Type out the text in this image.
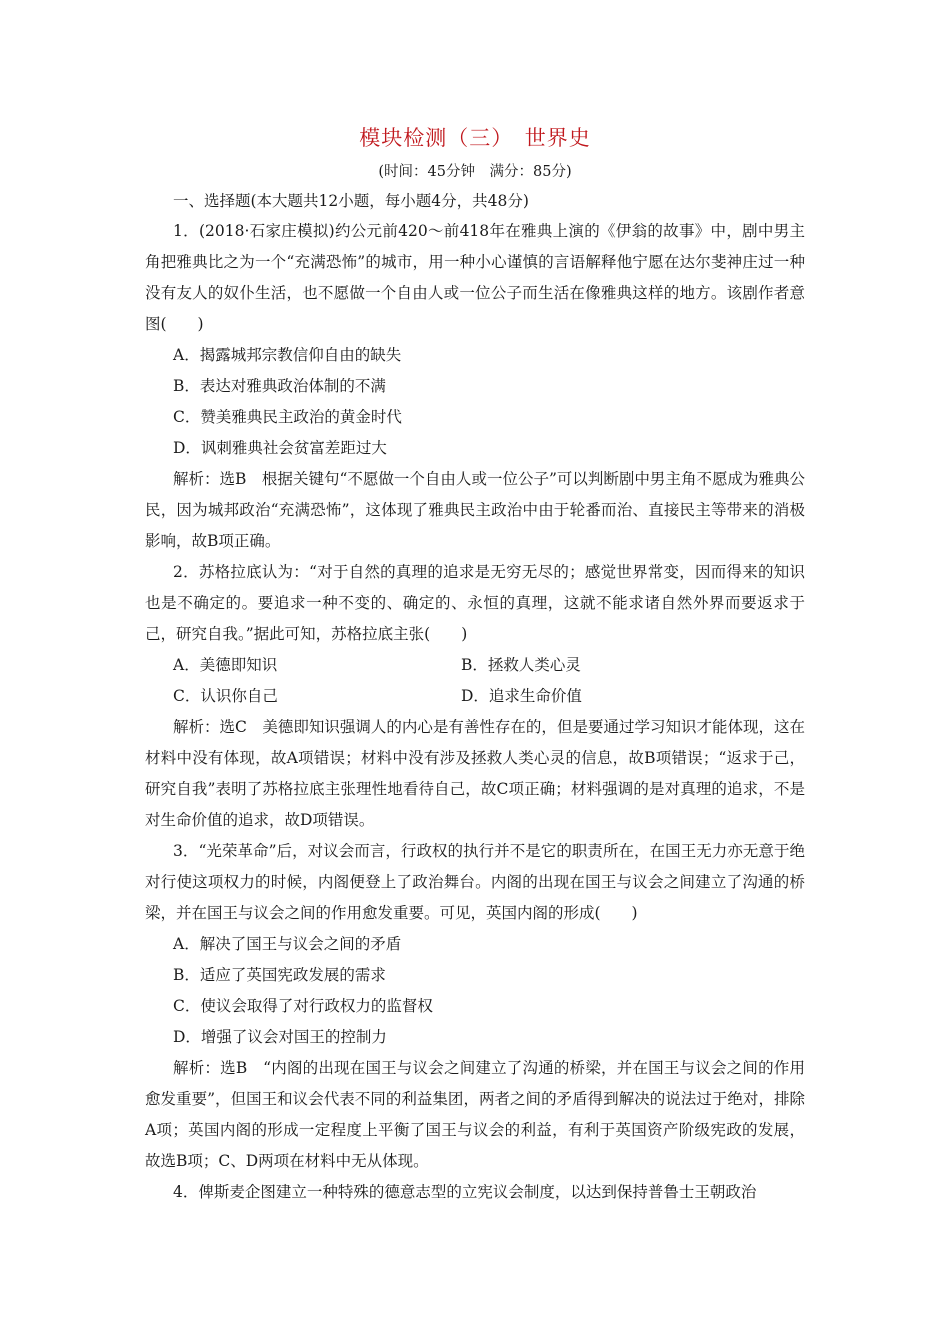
模块检测（三）　世界史
(时间：45分钟　满分：85分)

一、选择题(本大题共12小题，每小题4分，共48分)

1．(2018·石家庄模拟)约公元前420～前418年在雅典上演的《伊翁的故事》中，剧中男主角把雅典比之为一个“充满恐怖”的城市，用一种小心谨慎的言语解释他宁愿在达尔斐神庄过一种没有友人的奴仆生活，也不愿做一个自由人或一位公子而生活在像雅典这样的地方。该剧作者意图(　　)

A．揭露城邦宗教信仰自由的缺失

B．表达对雅典政治体制的不满

C．赞美雅典民主政治的黄金时代

D．讽刺雅典社会贫富差距过大

解析：选B　根据关键句“不愿做一个自由人或一位公子”可以判断剧中男主角不愿成为雅典公民，因为城邦政治“充满恐怖”，这体现了雅典民主政治中由于轮番而治、直接民主等带来的消极影响，故B项正确。

2．苏格拉底认为：“对于自然的真理的追求是无穷无尽的；感觉世界常变，因而得来的知识也是不确定的。要追求一种不变的、确定的、永恒的真理，这就不能求诸自然外界而要返求于己，研究自我。”据此可知，苏格拉底主张(　　)

A．美德即知识	B．拯救人类心灵
C．认识你自己	D．追求生命价值

解析：选C　美德即知识强调人的内心是有善性存在的，但是要通过学习知识才能体现，这在材料中没有体现，故A项错误；材料中没有涉及拯救人类心灵的信息，故B项错误；“返求于己，研究自我”表明了苏格拉底主张理性地看待自己，故C项正确；材料强调的是对真理的追求，不是对生命价值的追求，故D项错误。

3．“光荣革命”后，对议会而言，行政权的执行并不是它的职责所在，在国王无力亦无意于绝对行使这项权力的时候，内阁便登上了政治舞台。内阁的出现在国王与议会之间建立了沟通的桥梁，并在国王与议会之间的作用愈发重要。可见，英国内阁的形成(　　)

A．解决了国王与议会之间的矛盾

B．适应了英国宪政发展的需求

C．使议会取得了对行政权力的监督权

D．增强了议会对国王的控制力

解析：选B　“内阁的出现在国王与议会之间建立了沟通的桥梁，并在国王与议会之间的作用愈发重要”，但国王和议会代表不同的利益集团，两者之间的矛盾得到解决的说法过于绝对，排除A项；英国内阁的形成一定程度上平衡了国王与议会的利益，有利于英国资产阶级宪政的发展，故选B项；C、D两项在材料中无从体现。

4．俾斯麦企图建立一种特殊的德意志型的立宪议会制度，以达到保持普鲁士王朝政治
